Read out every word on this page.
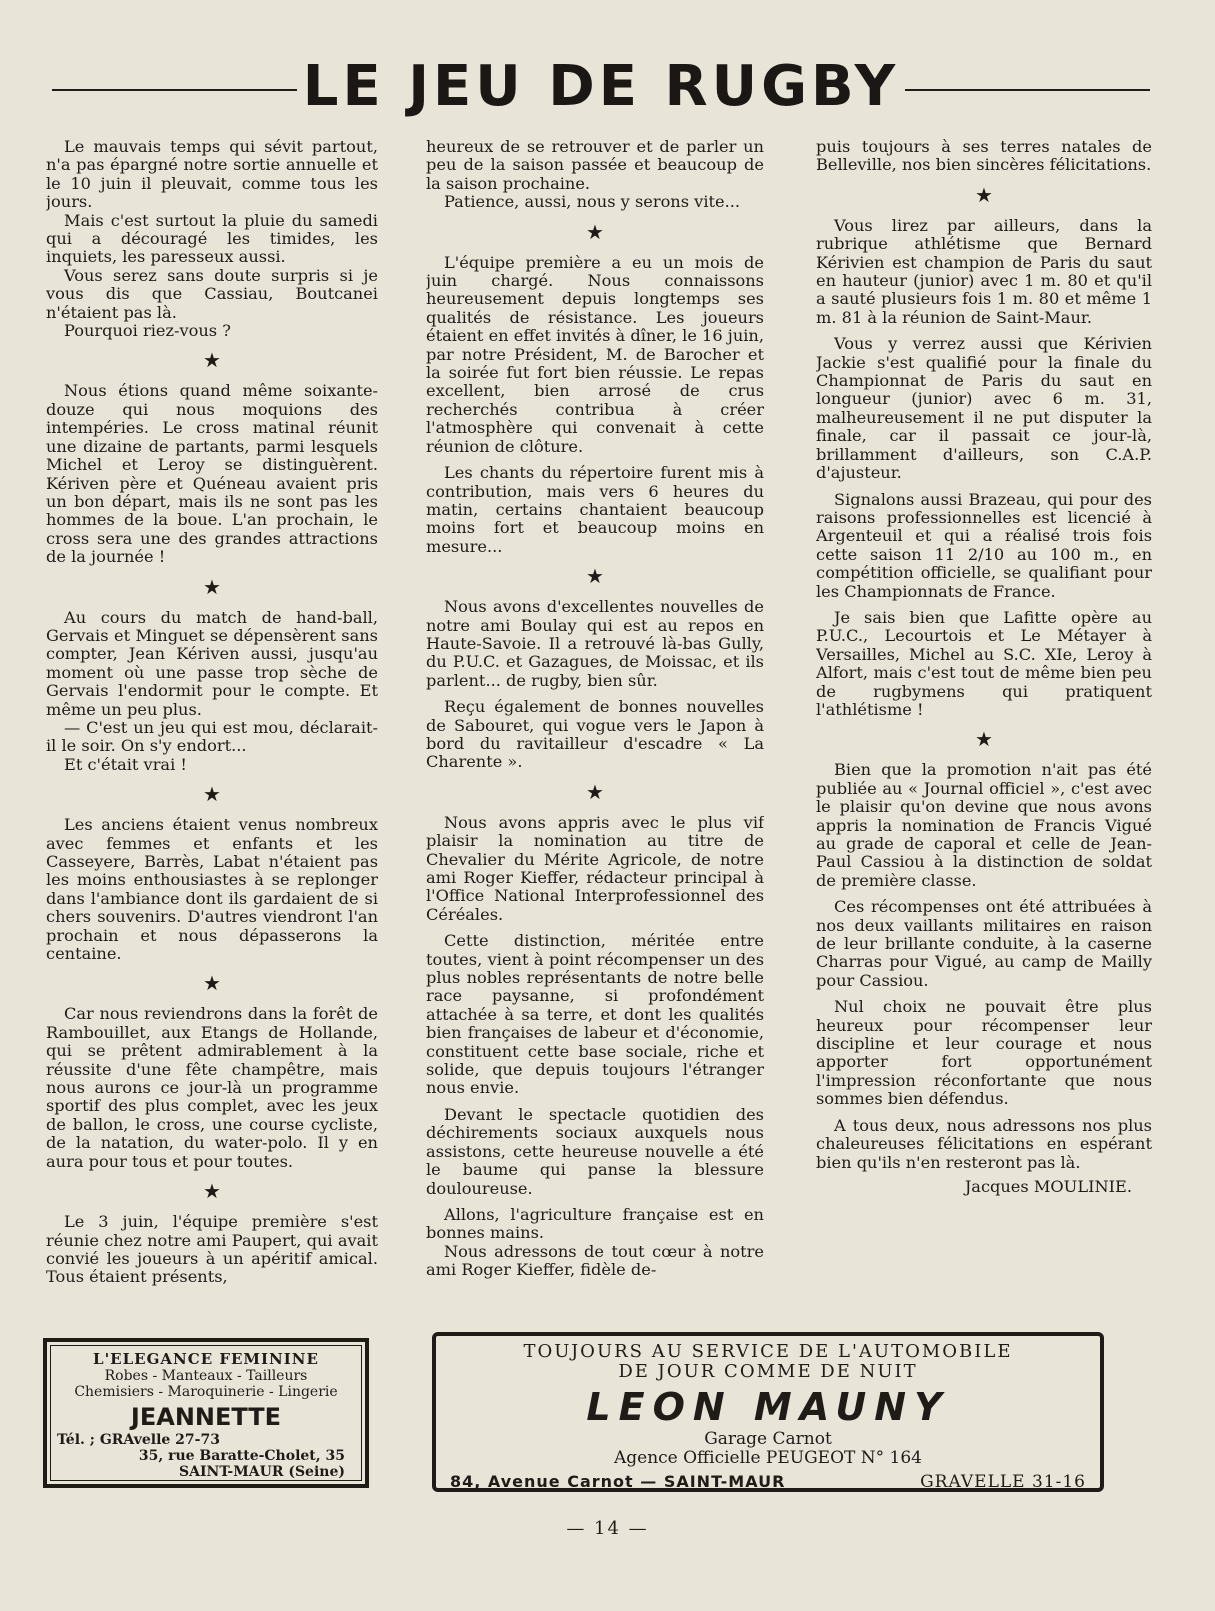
LE JEU DE RUGBY

Le mauvais temps qui sévit partout, n'a pas épargné notre sortie annuelle et le 10 juin il pleuvait, comme tous les jours.

Mais c'est surtout la pluie du samedi qui a découragé les timides, les inquiets, les paresseux aussi.

Vous serez sans doute surpris si je vous dis que Cassiau, Boutcanei n'étaient pas là.

Pourquoi riez-vous ?

★

Nous étions quand même soixante-douze qui nous moquions des intempéries. Le cross matinal réunit une dizaine de partants, parmi lesquels Michel et Leroy se distinguèrent. Kériven père et Quéneau avaient pris un bon départ, mais ils ne sont pas les hommes de la boue. L'an prochain, le cross sera une des grandes attractions de la journée !

★

Au cours du match de hand-ball, Gervais et Minguet se dépensèrent sans compter, Jean Kériven aussi, jusqu'au moment où une passe trop sèche de Gervais l'endormit pour le compte. Et même un peu plus.

— C'est un jeu qui est mou, déclarait-il le soir. On s'y endort...

Et c'était vrai !

★

Les anciens étaient venus nombreux avec femmes et enfants et les Casseyere, Barrès, Labat n'étaient pas les moins enthousiastes à se replonger dans l'ambiance dont ils gardaient de si chers souvenirs. D'autres viendront l'an prochain et nous dépasserons la centaine.

★

Car nous reviendrons dans la forêt de Rambouillet, aux Etangs de Hollande, qui se prêtent admirablement à la réussite d'une fête champêtre, mais nous aurons ce jour-là un programme sportif des plus complet, avec les jeux de ballon, le cross, une course cycliste, de la natation, du water-polo. Il y en aura pour tous et pour toutes.

★

Le 3 juin, l'équipe première s'est réunie chez notre ami Paupert, qui avait convié les joueurs à un apéritif amical. Tous étaient présents,

heureux de se retrouver et de parler un peu de la saison passée et beaucoup de la saison prochaine.

Patience, aussi, nous y serons vite...

★

L'équipe première a eu un mois de juin chargé. Nous connaissons heureusement depuis longtemps ses qualités de résistance. Les joueurs étaient en effet invités à dîner, le 16 juin, par notre Président, M. de Barocher et la soirée fut fort bien réussie. Le repas excellent, bien arrosé de crus recherchés contribua à créer l'atmosphère qui convenait à cette réunion de clôture.

Les chants du répertoire furent mis à contribution, mais vers 6 heures du matin, certains chantaient beaucoup moins fort et beaucoup moins en mesure...

★

Nous avons d'excellentes nouvelles de notre ami Boulay qui est au repos en Haute-Savoie. Il a retrouvé là-bas Gully, du P.U.C. et Gazagues, de Moissac, et ils parlent... de rugby, bien sûr.

Reçu également de bonnes nouvelles de Sabouret, qui vogue vers le Japon à bord du ravitailleur d'escadre « La Charente ».

★

Nous avons appris avec le plus vif plaisir la nomination au titre de Chevalier du Mérite Agricole, de notre ami Roger Kieffer, rédacteur principal à l'Office National Interprofessionnel des Céréales.

Cette distinction, méritée entre toutes, vient à point récompenser un des plus nobles représentants de notre belle race paysanne, si profondément attachée à sa terre, et dont les qualités bien françaises de labeur et d'économie, constituent cette base sociale, riche et solide, que depuis toujours l'étranger nous envie.

Devant le spectacle quotidien des déchirements sociaux auxquels nous assistons, cette heureuse nouvelle a été le baume qui panse la blessure douloureuse.

Allons, l'agriculture française est en bonnes mains.

Nous adressons de tout cœur à notre ami Roger Kieffer, fidèle de-

puis toujours à ses terres natales de Belleville, nos bien sincères félicitations.

★

Vous lirez par ailleurs, dans la rubrique athlétisme que Bernard Kérivien est champion de Paris du saut en hauteur (junior) avec 1 m. 80 et qu'il a sauté plusieurs fois 1 m. 80 et même 1 m. 81 à la réunion de Saint-Maur.

Vous y verrez aussi que Kérivien Jackie s'est qualifié pour la finale du Championnat de Paris du saut en longueur (junior) avec 6 m. 31, malheureusement il ne put disputer la finale, car il passait ce jour-là, brillamment d'ailleurs, son C.A.P. d'ajusteur.

Signalons aussi Brazeau, qui pour des raisons professionnelles est licencié à Argenteuil et qui a réalisé trois fois cette saison 11 2/10 au 100 m., en compétition officielle, se qualifiant pour les Championnats de France.

Je sais bien que Lafitte opère au P.U.C., Lecourtois et Le Métayer à Versailles, Michel au S.C. XIe, Leroy à Alfort, mais c'est tout de même bien peu de rugbymens qui pratiquent l'athlétisme !

★

Bien que la promotion n'ait pas été publiée au « Journal officiel », c'est avec le plaisir qu'on devine que nous avons appris la nomination de Francis Vigué au grade de caporal et celle de Jean-Paul Cassiou à la distinction de soldat de première classe.

Ces récompenses ont été attribuées à nos deux vaillants militaires en raison de leur brillante conduite, à la caserne Charras pour Vigué, au camp de Mailly pour Cassiou.

Nul choix ne pouvait être plus heureux pour récompenser leur discipline et leur courage et nous apporter fort opportunément l'impression réconfortante que nous sommes bien défendus.

A tous deux, nous adressons nos plus chaleureuses félicitations en espérant bien qu'ils n'en resteront pas là.

Jacques MOULINIE.

L'ELEGANCE FEMININE
Robes - Manteaux - Tailleurs
Chemisiers - Maroquinerie - Lingerie
JEANNETTE
Tél. ; GRAvelle 27-73
35, rue Baratte-Cholet, 35
SAINT-MAUR (Seine)
TOUJOURS AU SERVICE DE L'AUTOMOBILE
DE JOUR COMME DE NUIT
LEON MAUNY
Garage Carnot
Agence Officielle PEUGEOT N° 164
84, Avenue Carnot — SAINT-MAUR	GRAVELLE 31-16
— 14 —
